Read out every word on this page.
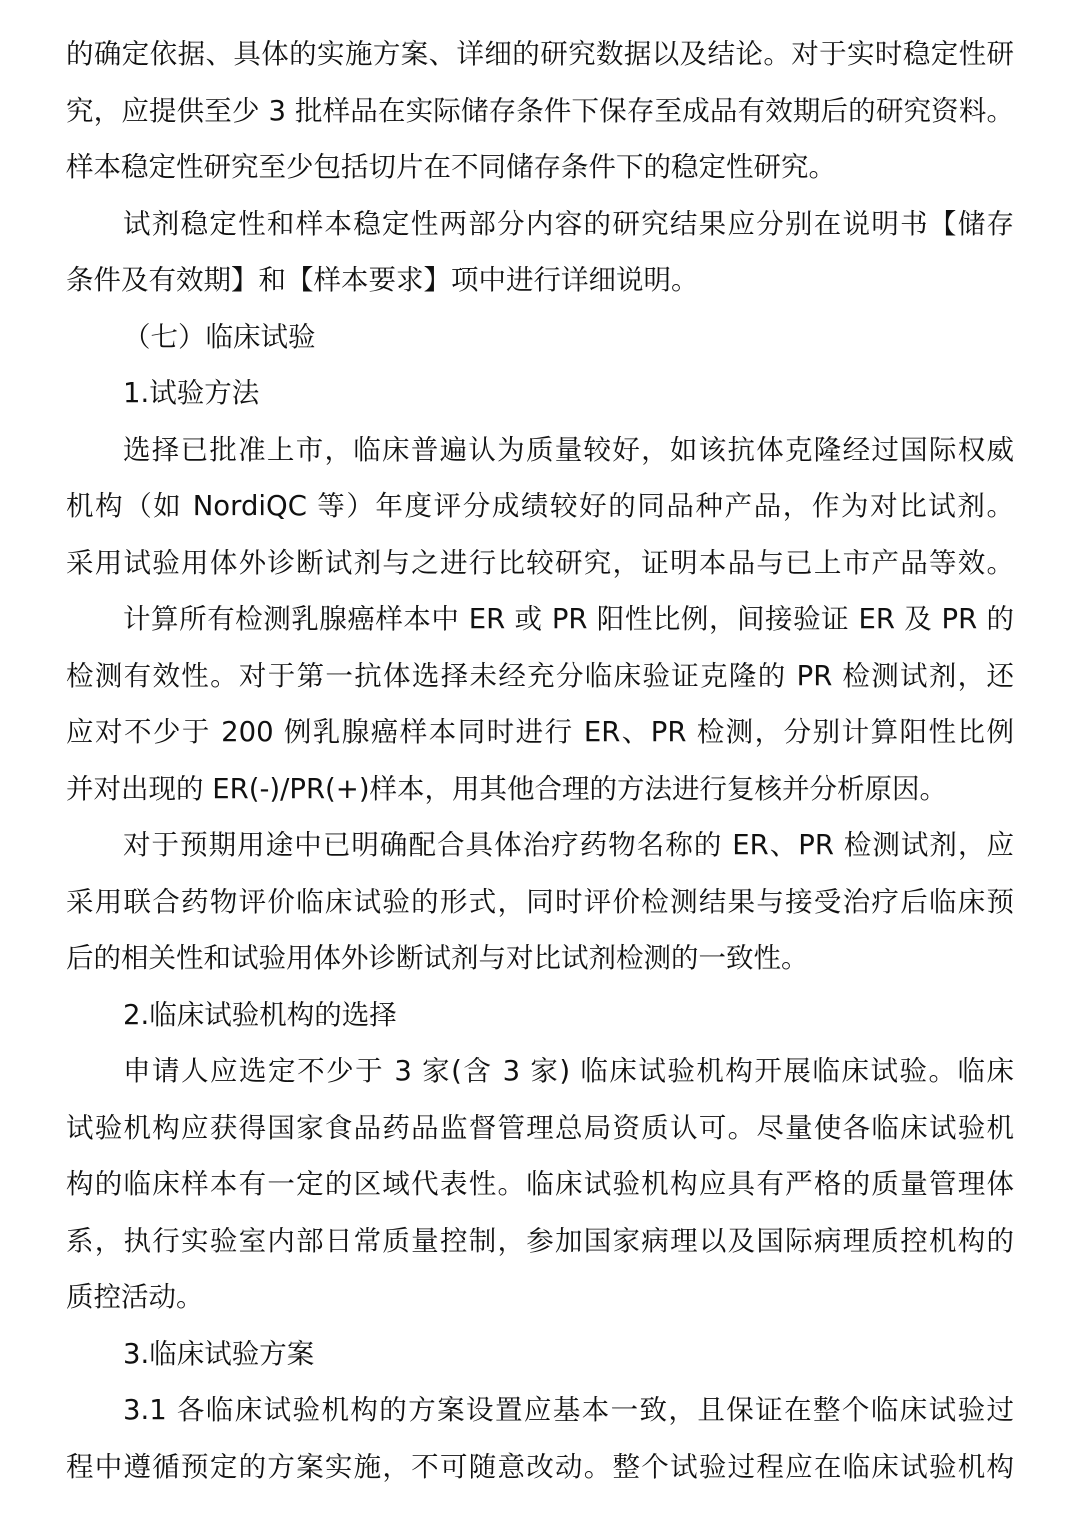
的确定依据、具体的实施方案、详细的研究数据以及结论。对于实时稳定性研
究，应提供至少 3 批样品在实际储存条件下保存至成品有效期后的研究资料。
样本稳定性研究至少包括切片在不同储存条件下的稳定性研究。
试剂稳定性和样本稳定性两部分内容的研究结果应分别在说明书【储存
条件及有效期】和【样本要求】项中进行详细说明。
（七）临床试验
1.试验方法
选择已批准上市，临床普遍认为质量较好，如该抗体克隆经过国际权威
机构（如 NordiQC 等）年度评分成绩较好的同品种产品，作为对比试剂。
采用试验用体外诊断试剂与之进行比较研究，证明本品与已上市产品等效。
计算所有检测乳腺癌样本中 ER 或 PR 阳性比例，间接验证 ER 及 PR 的
检测有效性。对于第一抗体选择未经充分临床验证克隆的 PR 检测试剂，还
应对不少于 200 例乳腺癌样本同时进行 ER、PR 检测，分别计算阳性比例
并对出现的 ER(-)/PR(+)样本，用其他合理的方法进行复核并分析原因。
对于预期用途中已明确配合具体治疗药物名称的 ER、PR 检测试剂，应
采用联合药物评价临床试验的形式，同时评价检测结果与接受治疗后临床预
后的相关性和试验用体外诊断试剂与对比试剂检测的一致性。
2.临床试验机构的选择
申请人应选定不少于 3 家(含 3 家) 临床试验机构开展临床试验。临床
试验机构应获得国家食品药品监督管理总局资质认可。尽量使各临床试验机
构的临床样本有一定的区域代表性。临床试验机构应具有严格的质量管理体
系，执行实验室内部日常质量控制，参加国家病理以及国际病理质控机构的
质控活动。
3.临床试验方案
3.1 各临床试验机构的方案设置应基本一致，且保证在整个临床试验过
程中遵循预定的方案实施，不可随意改动。整个试验过程应在临床试验机构
